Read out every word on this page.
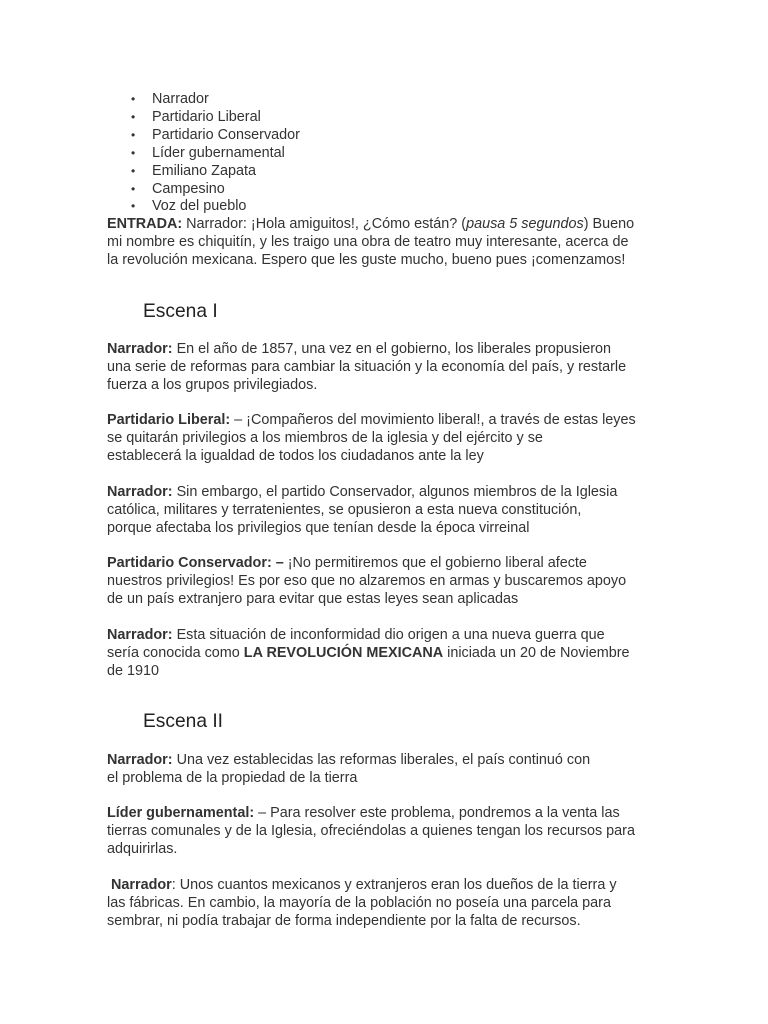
• Narrador
• Partidario Liberal
• Partidario Conservador
• Líder gubernamental
• Emiliano Zapata
• Campesino
• Voz del pueblo
ENTRADA: Narrador: ¡Hola amiguitos!, ¿Cómo están? (pausa 5 segundos) Bueno
mi nombre es chiquitín, y les traigo una obra de teatro muy interesante, acerca de
la revolución mexicana. Espero que les guste mucho, bueno pues ¡comenzamos!
Escena I
Narrador: En el año de 1857, una vez en el gobierno, los liberales propusieron
una serie de reformas para cambiar la situación y la economía del país, y restarle
fuerza a los grupos privilegiados.
Partidario Liberal: – ¡Compañeros del movimiento liberal!, a través de estas leyes
se quitarán privilegios a los miembros de la iglesia y del ejército y se
establecerá la igualdad de todos los ciudadanos ante la ley
Narrador: Sin embargo, el partido Conservador, algunos miembros de la Iglesia
católica, militares y terratenientes, se opusieron a esta nueva constitución,
porque afectaba los privilegios que tenían desde la época virreinal
Partidario Conservador: – ¡No permitiremos que el gobierno liberal afecte
nuestros privilegios! Es por eso que no alzaremos en armas y buscaremos apoyo
de un país extranjero para evitar que estas leyes sean aplicadas
Narrador: Esta situación de inconformidad dio origen a una nueva guerra que
sería conocida como LA REVOLUCIÓN MEXICANA iniciada un 20 de Noviembre
de 1910
Escena II
Narrador: Una vez establecidas las reformas liberales, el país continuó con
el problema de la propiedad de la tierra
Líder gubernamental: – Para resolver este problema, pondremos a la venta las
tierras comunales y de la Iglesia, ofreciéndolas a quienes tengan los recursos para
adquirirlas.
Narrador: Unos cuantos mexicanos y extranjeros eran los dueños de la tierra y
las fábricas. En cambio, la mayoría de la población no poseía una parcela para
sembrar, ni podía trabajar de forma independiente por la falta de recursos.
